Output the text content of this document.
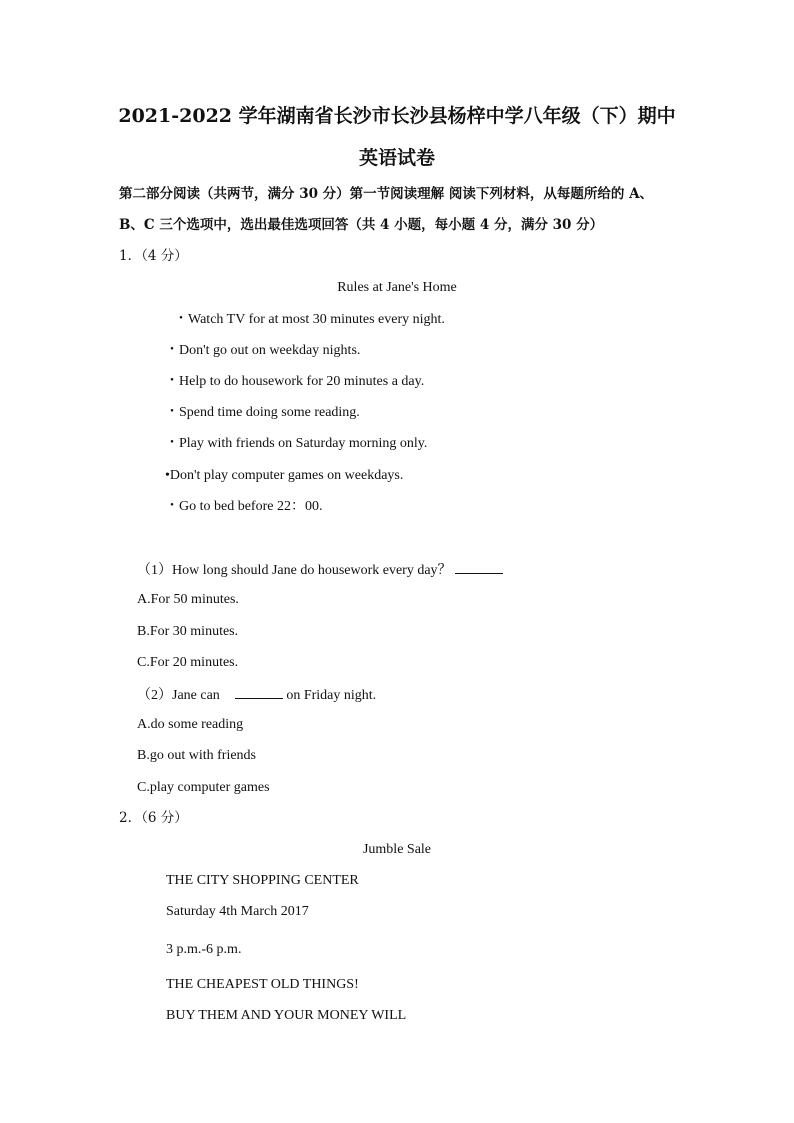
2021-2022 学年湖南省长沙市长沙县杨梓中学八年级（下）期中
英语试卷
第二部分阅读（共两节，满分 30 分）第一节阅读理解 阅读下列材料，从每题所给的 A、
B、C 三个选项中，选出最佳选项回答（共 4 小题，每小题 4 分，满分 30 分）
1．（4 分）
Rules at Jane's Home
・Watch TV for at most 30 minutes every night.
・Don't go out on weekday nights.
・Help to do housework for 20 minutes a day.
・Spend time doing some reading.
・Play with friends on Saturday morning only.
•Don't play computer games on weekdays.
・Go to bed before 22：00.
（1）How long should Jane do housework every day？
A.For 50 minutes.
B.For 30 minutes.
C.For 20 minutes.
（2）Jane can	on Friday night.
A.do some reading
B.go out with friends
C.play computer games
2．（6 分）
Jumble Sale
THE CITY SHOPPING CENTER
Saturday 4th March 2017
3 p.m.-6 p.m.
THE CHEAPEST OLD THINGS!
BUY THEM AND YOUR MONEY WILL
